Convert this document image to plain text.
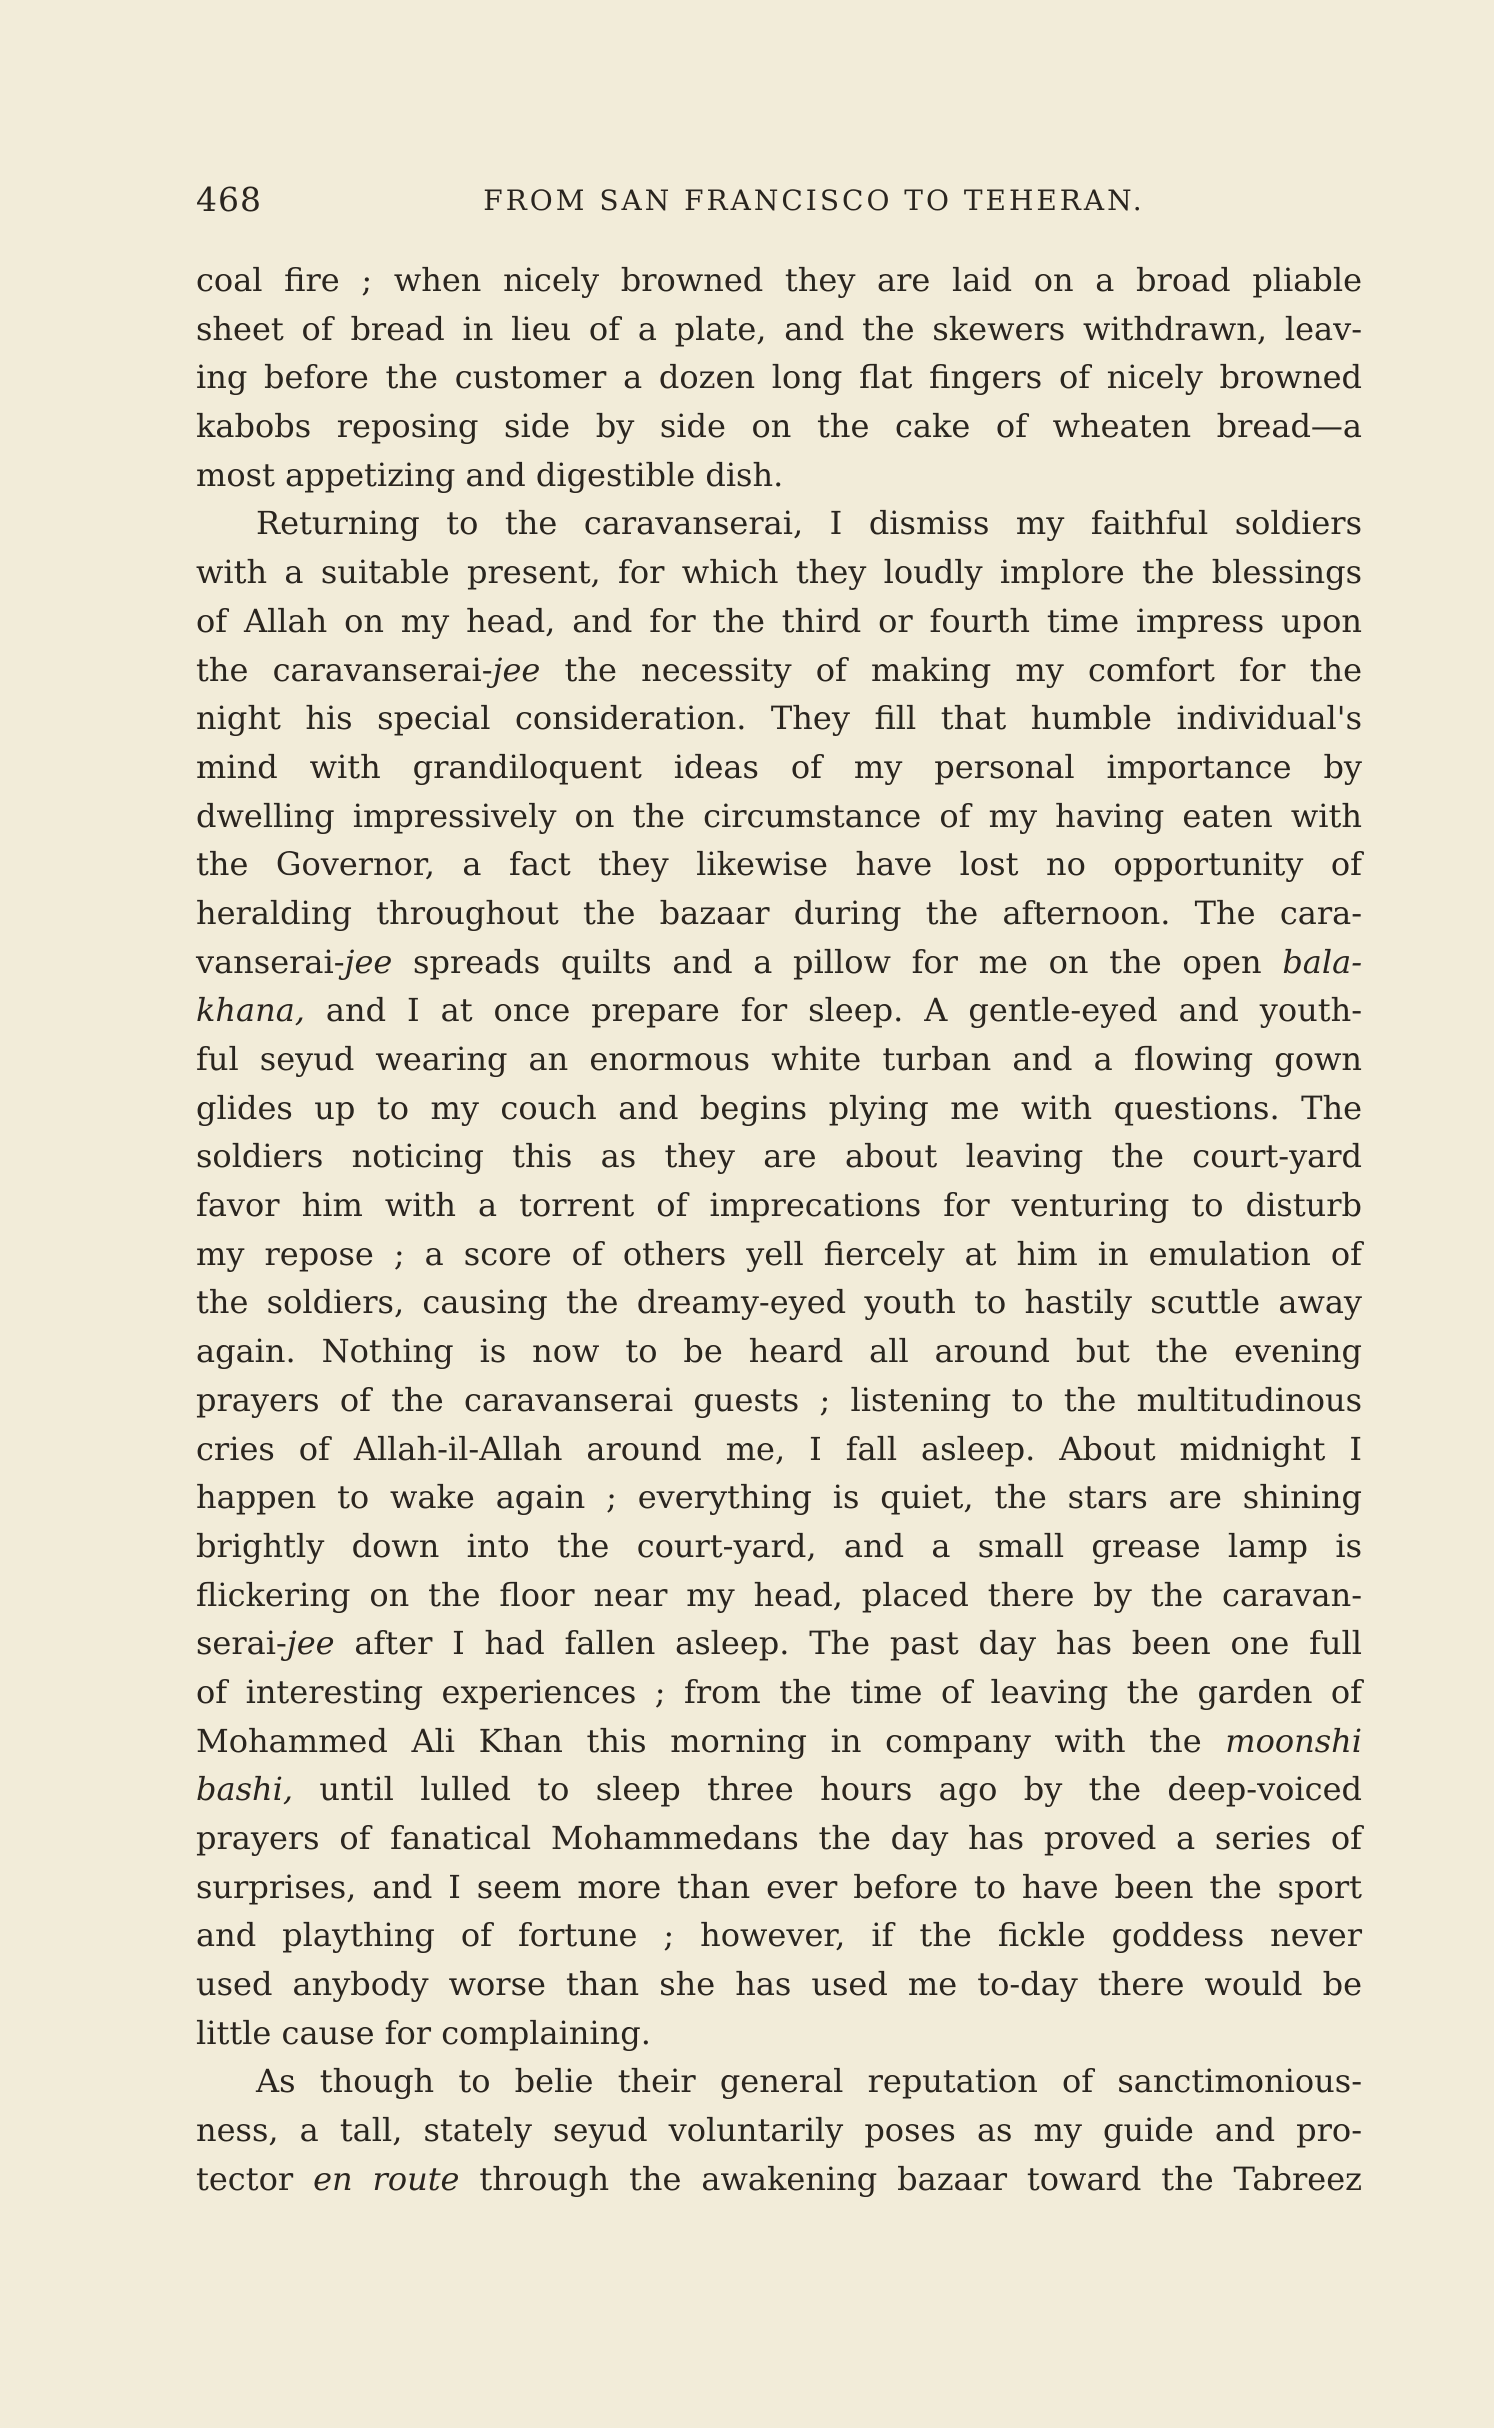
468	FROM SAN FRANCISCO TO TEHERAN.
coal fire ; when nicely browned they are laid on a broad pliable
sheet of bread in lieu of a plate, and the skewers withdrawn, leav-
ing before the customer a dozen long flat fingers of nicely browned
kabobs reposing side by side on the cake of wheaten bread—a
most appetizing and digestible dish.
Returning to the caravanserai, I dismiss my faithful soldiers
with a suitable present, for which they loudly implore the blessings
of Allah on my head, and for the third or fourth time impress upon
the caravanserai-jee the necessity of making my comfort for the
night his special consideration. They fill that humble individual's
mind with grandiloquent ideas of my personal importance by
dwelling impressively on the circumstance of my having eaten with
the Governor, a fact they likewise have lost no opportunity of
heralding throughout the bazaar during the afternoon. The cara-
vanserai-jee spreads quilts and a pillow for me on the open bala-
khana, and I at once prepare for sleep. A gentle-eyed and youth-
ful seyud wearing an enormous white turban and a flowing gown
glides up to my couch and begins plying me with questions. The
soldiers noticing this as they are about leaving the court-yard
favor him with a torrent of imprecations for venturing to disturb
my repose ; a score of others yell fiercely at him in emulation of
the soldiers, causing the dreamy-eyed youth to hastily scuttle away
again. Nothing is now to be heard all around but the evening
prayers of the caravanserai guests ; listening to the multitudinous
cries of Allah-il-Allah around me, I fall asleep. About midnight I
happen to wake again ; everything is quiet, the stars are shining
brightly down into the court-yard, and a small grease lamp is
flickering on the floor near my head, placed there by the caravan-
serai-jee after I had fallen asleep. The past day has been one full
of interesting experiences ; from the time of leaving the garden of
Mohammed Ali Khan this morning in company with the moonshi
bashi, until lulled to sleep three hours ago by the deep-voiced
prayers of fanatical Mohammedans the day has proved a series of
surprises, and I seem more than ever before to have been the sport
and plaything of fortune ; however, if the fickle goddess never
used anybody worse than she has used me to-day there would be
little cause for complaining.
As though to belie their general reputation of sanctimonious-
ness, a tall, stately seyud voluntarily poses as my guide and pro-
tector en route through the awakening bazaar toward the Tabreez
